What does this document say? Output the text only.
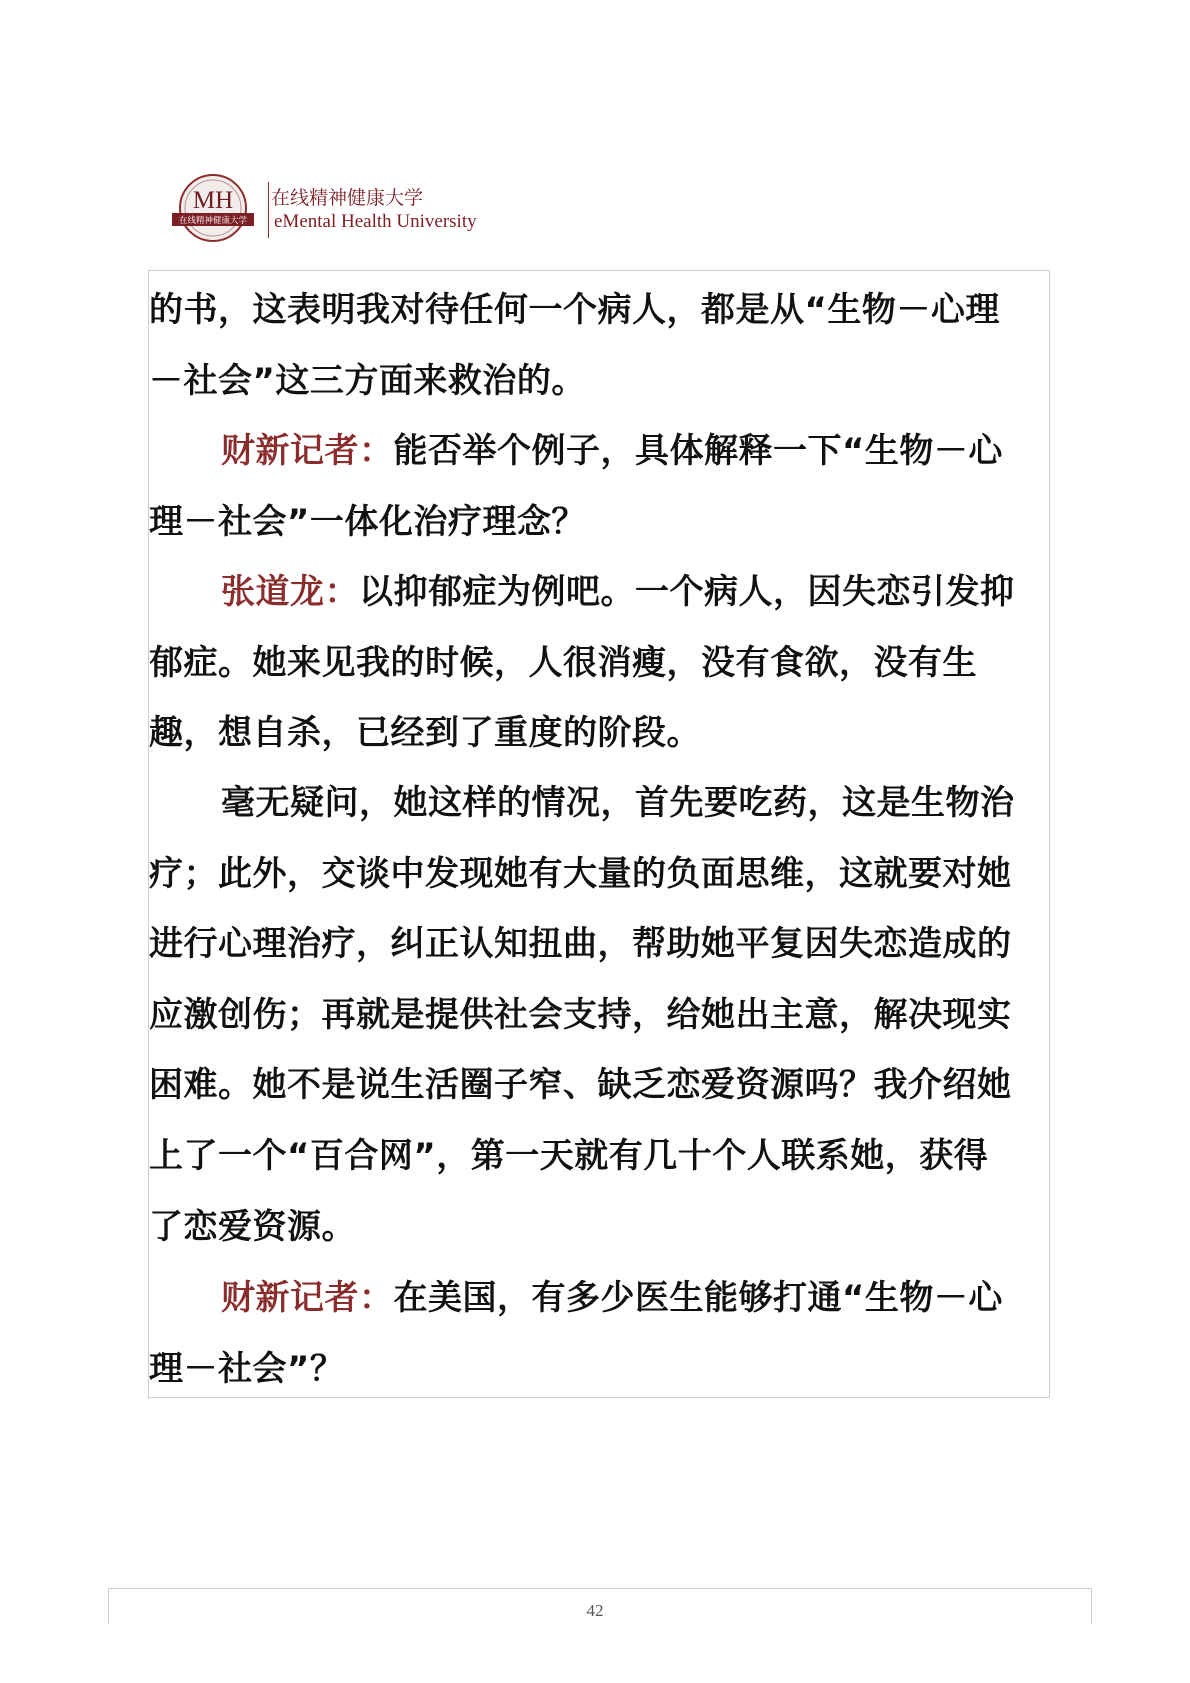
MH
在线精神健康大学
在线精神健康大学
eMental Health University

的书，这表明我对待任何一个病人，都是从“生物－心理－社会”这三方面来救治的。

财新记者：能否举个例子，具体解释一下“生物－心理－社会”一体化治疗理念？

张道龙：以抑郁症为例吧。一个病人，因失恋引发抑郁症。她来见我的时候，人很消瘦，没有食欲，没有生趣，想自杀，已经到了重度的阶段。

毫无疑问，她这样的情况，首先要吃药，这是生物治疗；此外，交谈中发现她有大量的负面思维，这就要对她进行心理治疗，纠正认知扭曲，帮助她平复因失恋造成的应激创伤；再就是提供社会支持，给她出主意，解决现实困难。她不是说生活圈子窄、缺乏恋爱资源吗？我介绍她上了一个“百合网”，第一天就有几十个人联系她，获得了恋爱资源。

财新记者：在美国，有多少医生能够打通“生物－心理－社会”？

42
